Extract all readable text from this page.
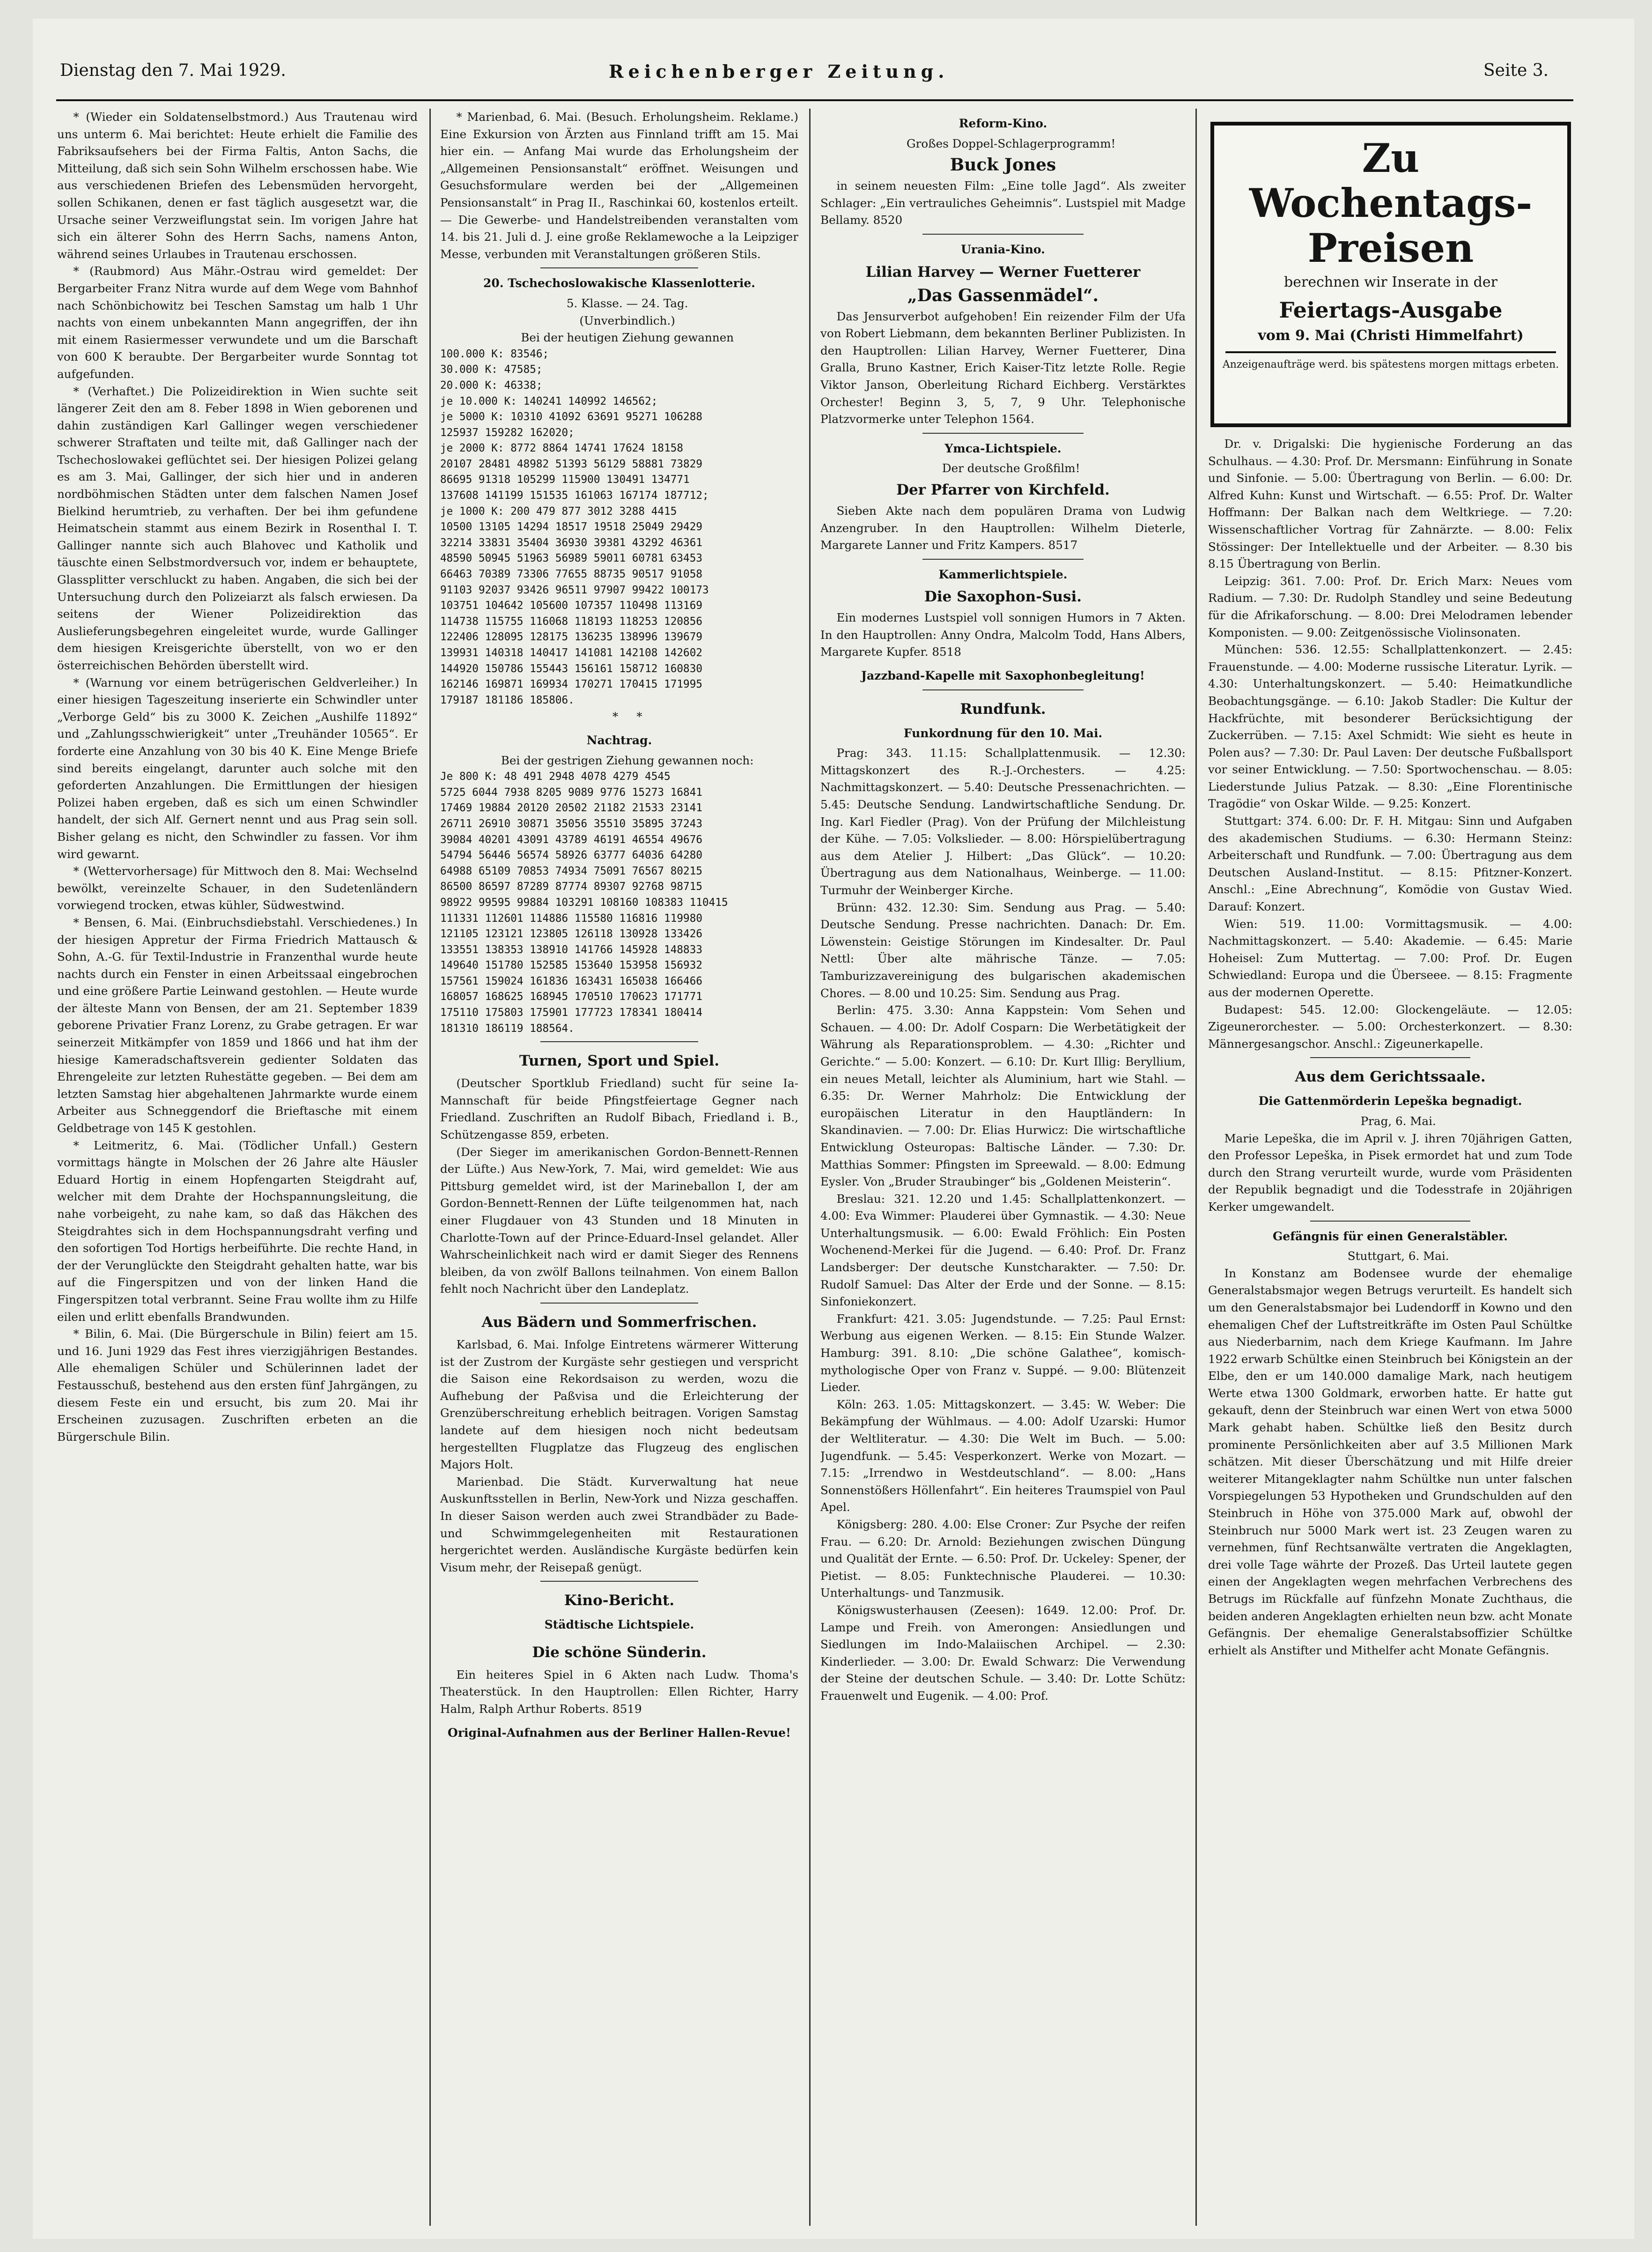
Dienstag den 7. Mai 1929.	Reichenberger Zeitung.	Seite 3.

* (Wieder ein Soldatenselbstmord.) Aus Trautenau wird uns unterm 6. Mai berichtet: Heute erhielt die Familie des Fabriksaufsehers bei der Firma Faltis, Anton Sachs, die Mitteilung, daß sich sein Sohn Wilhelm erschossen habe. Wie aus verschiedenen Briefen des Lebensmüden hervorgeht, sollen Schikanen, denen er fast täglich ausgesetzt war, die Ursache seiner Verzweiflungstat sein. Im vorigen Jahre hat sich ein älterer Sohn des Herrn Sachs, namens Anton, während seines Urlaubes in Trautenau erschossen.

* (Raubmord) Aus Mähr.-Ostrau wird gemeldet: Der Bergarbeiter Franz Nitra wurde auf dem Wege vom Bahnhof nach Schönbichowitz bei Teschen Samstag um halb 1 Uhr nachts von einem unbekannten Mann angegriffen, der ihn mit einem Rasiermesser verwundete und um die Barschaft von 600 K beraubte. Der Bergarbeiter wurde Sonntag tot aufgefunden.

* (Verhaftet.) Die Polizeidirektion in Wien suchte seit längerer Zeit den am 8. Feber 1898 in Wien geborenen und dahin zuständigen Karl Gallinger wegen verschiedener schwerer Straftaten und teilte mit, daß Gallinger nach der Tschechoslowakei geflüchtet sei. Der hiesigen Polizei gelang es am 3. Mai, Gallinger, der sich hier und in anderen nordböhmischen Städten unter dem falschen Namen Josef Bielkind herumtrieb, zu verhaften. Der bei ihm gefundene Heimatschein stammt aus einem Bezirk in Rosenthal I. T. Gallinger nannte sich auch Blahovec und Katholik und täuschte einen Selbstmordversuch vor, indem er behauptete, Glassplitter verschluckt zu haben. Angaben, die sich bei der Untersuchung durch den Polizeiarzt als falsch erwiesen. Da seitens der Wiener Polizeidirektion das Auslieferungsbegehren eingeleitet wurde, wurde Gallinger dem hiesigen Kreisgerichte überstellt, von wo er den österreichischen Behörden überstellt wird.

* (Warnung vor einem betrügerischen Geldverleiher.) In einer hiesigen Tageszeitung inserierte ein Schwindler unter „Verborge Geld“ bis zu 3000 K. Zeichen „Aushilfe 11892“ und „Zahlungsschwierigkeit“ unter „Treuhänder 10565“. Er forderte eine Anzahlung von 30 bis 40 K. Eine Menge Briefe sind bereits eingelangt, darunter auch solche mit den geforderten Anzahlungen. Die Ermittlungen der hiesigen Polizei haben ergeben, daß es sich um einen Schwindler handelt, der sich Alf. Gernert nennt und aus Prag sein soll. Bisher gelang es nicht, den Schwindler zu fassen. Vor ihm wird gewarnt.

* (Wettervorhersage) für Mittwoch den 8. Mai: Wechselnd bewölkt, vereinzelte Schauer, in den Sudetenländern vorwiegend trocken, etwas kühler, Südwestwind.

* Bensen, 6. Mai. (Einbruchsdiebstahl. Verschiedenes.) In der hiesigen Appretur der Firma Friedrich Mattausch & Sohn, A.-G. für Textil-Industrie in Franzenthal wurde heute nachts durch ein Fenster in einen Arbeitssaal eingebrochen und eine größere Partie Leinwand gestohlen. — Heute wurde der älteste Mann von Bensen, der am 21. September 1839 geborene Privatier Franz Lorenz, zu Grabe getragen. Er war seinerzeit Mitkämpfer von 1859 und 1866 und hat ihm der hiesige Kameradschaftsverein gedienter Soldaten das Ehrengeleite zur letzten Ruhestätte gegeben. — Bei dem am letzten Samstag hier abgehaltenen Jahrmarkte wurde einem Arbeiter aus Schneggendorf die Brieftasche mit einem Geldbetrage von 145 K gestohlen.

* Leitmeritz, 6. Mai. (Tödlicher Unfall.) Gestern vormittags hängte in Molschen der 26 Jahre alte Häusler Eduard Hortig in einem Hopfengarten Steigdraht auf, welcher mit dem Drahte der Hochspannungsleitung, die nahe vorbeigeht, zu nahe kam, so daß das Häkchen des Steigdrahtes sich in dem Hochspannungsdraht verfing und den sofortigen Tod Hortigs herbeiführte. Die rechte Hand, in der der Verunglückte den Steigdraht gehalten hatte, war bis auf die Fingerspitzen und von der linken Hand die Fingerspitzen total verbrannt. Seine Frau wollte ihm zu Hilfe eilen und erlitt ebenfalls Brandwunden.

* Bilin, 6. Mai. (Die Bürgerschule in Bilin) feiert am 15. und 16. Juni 1929 das Fest ihres vierzigjährigen Bestandes. Alle ehemaligen Schüler und Schülerinnen ladet der Festausschuß, bestehend aus den ersten fünf Jahrgängen, zu diesem Feste ein und ersucht, bis zum 20. Mai ihr Erscheinen zuzusagen. Zuschriften erbeten an die Bürgerschule Bilin.

* Marienbad, 6. Mai. (Besuch. Erholungsheim. Reklame.) Eine Exkursion von Ärzten aus Finnland trifft am 15. Mai hier ein. — Anfang Mai wurde das Erholungsheim der „Allgemeinen Pensionsanstalt“ eröffnet. Weisungen und Gesuchsformulare werden bei der „Allgemeinen Pensionsanstalt“ in Prag II., Raschinkai 60, kostenlos erteilt. — Die Gewerbe- und Handelstreibenden veranstalten vom 14. bis 21. Juli d. J. eine große Reklamewoche a la Leipziger Messe, verbunden mit Veranstaltungen größeren Stils.

20. Tschechoslowakische Klassenlotterie.

5. Klasse. — 24. Tag.

(Unverbindlich.)

Bei der heutigen Ziehung gewannen

100.000 K: 83546;
30.000 K: 47585;
20.000 K: 46338;
je 10.000 K: 140241 140992 146562;
je 5000 K: 10310 41092 63691 95271 106288
125937 159282 162020;
je 2000 K: 8772 8864 14741 17624 18158
20107 28481 48982 51393 56129 58881 73829
86695 91318 105299 115900 130491 134771
137608 141199 151535 161063 167174 187712;
je 1000 K: 200 479 877 3012 3288 4415
10500 13105 14294 18517 19518 25049 29429
32214 33831 35404 36930 39381 43292 46361
48590 50945 51963 56989 59011 60781 63453
66463 70389 73306 77655 88735 90517 91058
91103 92037 93426 96511 97907 99422 100173
103751 104642 105600 107357 110498 113169
114738 115755 116068 118193 118253 120856
122406 128095 128175 136235 138996 139679
139931 140318 140417 141081 142108 142602
144920 150786 155443 156161 158712 160830
162146 169871 169934 170271 170415 171995
179187 181186 185806.

*     *

Nachtrag.

Bei der gestrigen Ziehung gewannen noch:

Je 800 K: 48 491 2948 4078 4279 4545
5725 6044 7938 8205 9089 9776 15273 16841
17469 19884 20120 20502 21182 21533 23141
26711 26910 30871 35056 35510 35895 37243
39084 40201 43091 43789 46191 46554 49676
54794 56446 56574 58926 63777 64036 64280
64988 65109 70853 74934 75091 76567 80215
86500 86597 87289 87774 89307 92768 98715
98922 99595 99884 103291 108160 108383 110415
111331 112601 114886 115580 116816 119980
121105 123121 123805 126118 130928 133426
133551 138353 138910 141766 145928 148833
149640 151780 152585 153640 153958 156932
157561 159024 161836 163431 165038 166466
168057 168625 168945 170510 170623 171771
175110 175803 175901 177723 178341 180414
181310 186119 188564.
Turnen, Sport und Spiel.

(Deutscher Sportklub Friedland) sucht für seine Ia-Mannschaft für beide Pfingstfeiertage Gegner nach Friedland. Zuschriften an Rudolf Bibach, Friedland i. B., Schützengasse 859, erbeten.

(Der Sieger im amerikanischen Gordon-Bennett-Rennen der Lüfte.) Aus New-York, 7. Mai, wird gemeldet: Wie aus Pittsburg gemeldet wird, ist der Marineballon I, der am Gordon-Bennett-Rennen der Lüfte teilgenommen hat, nach einer Flugdauer von 43 Stunden und 18 Minuten in Charlotte-Town auf der Prince-Eduard-Insel gelandet. Aller Wahrscheinlichkeit nach wird er damit Sieger des Rennens bleiben, da von zwölf Ballons teilnahmen. Von einem Ballon fehlt noch Nachricht über den Landeplatz.

Aus Bädern und Sommerfrischen.

Karlsbad, 6. Mai. Infolge Eintretens wärmerer Witterung ist der Zustrom der Kurgäste sehr gestiegen und verspricht die Saison eine Rekordsaison zu werden, wozu die Aufhebung der Paßvisa und die Erleichterung der Grenzüberschreitung erheblich beitragen. Vorigen Samstag landete auf dem hiesigen noch nicht bedeutsam hergestellten Flugplatze das Flugzeug des englischen Majors Holt.

Marienbad. Die Städt. Kurverwaltung hat neue Auskunftsstellen in Berlin, New-York und Nizza geschaffen. In dieser Saison werden auch zwei Strandbäder zu Bade- und Schwimmgelegenheiten mit Restaurationen hergerichtet werden. Ausländische Kurgäste bedürfen kein Visum mehr, der Reisepaß genügt.

Kino-Bericht.
Städtische Lichtspiele.
Die schöne Sünderin.

Ein heiteres Spiel in 6 Akten nach Ludw. Thoma's Theaterstück. In den Hauptrollen: Ellen Richter, Harry Halm, Ralph Arthur Roberts. 8519

Original-Aufnahmen aus der Berliner Hallen-Revue!
Reform-Kino.

Großes Doppel-Schlagerprogramm!

Buck Jones

in seinem neuesten Film: „Eine tolle Jagd“. Als zweiter Schlager: „Ein vertrauliches Geheimnis“. Lustspiel mit Madge Bellamy. 8520

Urania-Kino.
Lilian Harvey — Werner Fuetterer
„Das Gassenmädel“.

Das Jensurverbot aufgehoben! Ein reizender Film der Ufa von Robert Liebmann, dem bekannten Berliner Publizisten. In den Hauptrollen: Lilian Harvey, Werner Fuetterer, Dina Gralla, Bruno Kastner, Erich Kaiser-Titz letzte Rolle. Regie Viktor Janson, Oberleitung Richard Eichberg. Verstärktes Orchester! Beginn 3, 5, 7, 9 Uhr. Telephonische Platzvormerke unter Telephon 1564.

Ymca-Lichtspiele.

Der deutsche Großfilm!

Der Pfarrer von Kirchfeld.

Sieben Akte nach dem populären Drama von Ludwig Anzengruber. In den Hauptrollen: Wilhelm Dieterle, Margarete Lanner und Fritz Kampers. 8517

Kammerlichtspiele.
Die Saxophon-Susi.

Ein modernes Lustspiel voll sonnigen Humors in 7 Akten. In den Hauptrollen: Anny Ondra, Malcolm Todd, Hans Albers, Margarete Kupfer. 8518

Jazzband-Kapelle mit Saxophonbegleitung!
Rundfunk.
Funkordnung für den 10. Mai.

Prag: 343. 11.15: Schallplattenmusik. — 12.30: Mittagskonzert des R.-J.-Orchesters. — 4.25: Nachmittagskonzert. — 5.40: Deutsche Pressenachrichten. — 5.45: Deutsche Sendung. Landwirtschaftliche Sendung. Dr. Ing. Karl Fiedler (Prag). Von der Prüfung der Milchleistung der Kühe. — 7.05: Volkslieder. — 8.00: Hörspielübertragung aus dem Atelier J. Hilbert: „Das Glück“. — 10.20: Übertragung aus dem Nationalhaus, Weinberge. — 11.00: Turmuhr der Weinberger Kirche.

Brünn: 432. 12.30: Sim. Sendung aus Prag. — 5.40: Deutsche Sendung. Presse nachrichten. Danach: Dr. Em. Löwenstein: Geistige Störungen im Kindesalter. Dr. Paul Nettl: Über alte mährische Tänze. — 7.05: Tamburizzavereinigung des bulgarischen akademischen Chores. — 8.00 und 10.25: Sim. Sendung aus Prag.

Berlin: 475. 3.30: Anna Kappstein: Vom Sehen und Schauen. — 4.00: Dr. Adolf Cosparn: Die Werbetätigkeit der Währung als Reparationsproblem. — 4.30: „Richter und Gerichte.“ — 5.00: Konzert. — 6.10: Dr. Kurt Illig: Beryllium, ein neues Metall, leichter als Aluminium, hart wie Stahl. — 6.35: Dr. Werner Mahrholz: Die Entwicklung der europäischen Literatur in den Hauptländern: In Skandinavien. — 7.00: Dr. Elias Hurwicz: Die wirtschaftliche Entwicklung Osteuropas: Baltische Länder. — 7.30: Dr. Matthias Sommer: Pfingsten im Spreewald. — 8.00: Edmung Eysler. Von „Bruder Straubinger“ bis „Goldenen Meisterin“.

Breslau: 321. 12.20 und 1.45: Schallplattenkonzert. — 4.00: Eva Wimmer: Plauderei über Gymnastik. — 4.30: Neue Unterhaltungsmusik. — 6.00: Ewald Fröhlich: Ein Posten Wochenend-Merkei für die Jugend. — 6.40: Prof. Dr. Franz Landsberger: Der deutsche Kunstcharakter. — 7.50: Dr. Rudolf Samuel: Das Alter der Erde und der Sonne. — 8.15: Sinfoniekonzert.

Frankfurt: 421. 3.05: Jugendstunde. — 7.25: Paul Ernst: Werbung aus eigenen Werken. — 8.15: Ein Stunde Walzer. Hamburg: 391. 8.10: „Die schöne Galathee“, komisch-mythologische Oper von Franz v. Suppé. — 9.00: Blütenzeit Lieder.

Köln: 263. 1.05: Mittagskonzert. — 3.45: W. Weber: Die Bekämpfung der Wühlmaus. — 4.00: Adolf Uzarski: Humor der Weltliteratur. — 4.30: Die Welt im Buch. — 5.00: Jugendfunk. — 5.45: Vesperkonzert. Werke von Mozart. — 7.15: „Irrendwo in Westdeutschland“. — 8.00: „Hans Sonnenstößers Höllenfahrt“. Ein heiteres Traumspiel von Paul Apel.

Königsberg: 280. 4.00: Else Croner: Zur Psyche der reifen Frau. — 6.20: Dr. Arnold: Beziehungen zwischen Düngung und Qualität der Ernte. — 6.50: Prof. Dr. Uckeley: Spener, der Pietist. — 8.05: Funktechnische Plauderei. — 10.30: Unterhaltungs- und Tanzmusik.

Königswusterhausen (Zeesen): 1649. 12.00: Prof. Dr. Lampe und Freih. von Amerongen: Ansiedlungen und Siedlungen im Indo-Malaiischen Archipel. — 2.30: Kinderlieder. — 3.00: Dr. Ewald Schwarz: Die Verwendung der Steine der deutschen Schule. — 3.40: Dr. Lotte Schütz: Frauenwelt und Eugenik. — 4.00: Prof.

Zu Wochentags-Preisen
berechnen wir Inserate in der
Feiertags-Ausgabe
vom 9. Mai (Christi Himmelfahrt)
Anzeigenaufträge werd. bis spätestens morgen mittags erbeten.

Dr. v. Drigalski: Die hygienische Forderung an das Schulhaus. — 4.30: Prof. Dr. Mersmann: Einführung in Sonate und Sinfonie. — 5.00: Übertragung von Berlin. — 6.00: Dr. Alfred Kuhn: Kunst und Wirtschaft. — 6.55: Prof. Dr. Walter Hoffmann: Der Balkan nach dem Weltkriege. — 7.20: Wissenschaftlicher Vortrag für Zahnärzte. — 8.00: Felix Stössinger: Der Intellektuelle und der Arbeiter. — 8.30 bis 8.15 Übertragung von Berlin.

Leipzig: 361. 7.00: Prof. Dr. Erich Marx: Neues vom Radium. — 7.30: Dr. Rudolph Standley und seine Bedeutung für die Afrikaforschung. — 8.00: Drei Melodramen lebender Komponisten. — 9.00: Zeitgenössische Violinsonaten.

München: 536. 12.55: Schallplattenkonzert. — 2.45: Frauenstunde. — 4.00: Moderne russische Literatur. Lyrik. — 4.30: Unterhaltungskonzert. — 5.40: Heimatkundliche Beobachtungsgänge. — 6.10: Jakob Stadler: Die Kultur der Hackfrüchte, mit besonderer Berücksichtigung der Zuckerrüben. — 7.15: Axel Schmidt: Wie sieht es heute in Polen aus? — 7.30: Dr. Paul Laven: Der deutsche Fußballsport vor seiner Entwicklung. — 7.50: Sportwochenschau. — 8.05: Liederstunde Julius Patzak. — 8.30: „Eine Florentinische Tragödie“ von Oskar Wilde. — 9.25: Konzert.

Stuttgart: 374. 6.00: Dr. F. H. Mitgau: Sinn und Aufgaben des akademischen Studiums. — 6.30: Hermann Steinz: Arbeiterschaft und Rundfunk. — 7.00: Übertragung aus dem Deutschen Ausland-Institut. — 8.15: Pfitzner-Konzert. Anschl.: „Eine Abrechnung“, Komödie von Gustav Wied. Darauf: Konzert.

Wien: 519. 11.00: Vormittagsmusik. — 4.00: Nachmittagskonzert. — 5.40: Akademie. — 6.45: Marie Hoheisel: Zum Muttertag. — 7.00: Prof. Dr. Eugen Schwiedland: Europa und die Überseee. — 8.15: Fragmente aus der modernen Operette.

Budapest: 545. 12.00: Glockengeläute. — 12.05: Zigeunerorchester. — 5.00: Orchesterkonzert. — 8.30: Männergesangschor. Anschl.: Zigeunerkapelle.

Aus dem Gerichtssaale.
Die Gattenmörderin Lepeška begnadigt.

Prag, 6. Mai.

Marie Lepeška, die im April v. J. ihren 70jährigen Gatten, den Professor Lepeška, in Pisek ermordet hat und zum Tode durch den Strang verurteilt wurde, wurde vom Präsidenten der Republik begnadigt und die Todesstrafe in 20jährigen Kerker umgewandelt.

Gefängnis für einen Generalstäbler.

Stuttgart, 6. Mai.

In Konstanz am Bodensee wurde der ehemalige Generalstabsmajor wegen Betrugs verurteilt. Es handelt sich um den Generalstabsmajor bei Ludendorff in Kowno und den ehemaligen Chef der Luftstreitkräfte im Osten Paul Schültke aus Niederbarnim, nach dem Kriege Kaufmann. Im Jahre 1922 erwarb Schültke einen Steinbruch bei Königstein an der Elbe, den er um 140.000 damalige Mark, nach heutigem Werte etwa 1300 Goldmark, erworben hatte. Er hatte gut gekauft, denn der Steinbruch war einen Wert von etwa 5000 Mark gehabt haben. Schültke ließ den Besitz durch prominente Persönlichkeiten aber auf 3.5 Millionen Mark schätzen. Mit dieser Überschätzung und mit Hilfe dreier weiterer Mitangeklagter nahm Schültke nun unter falschen Vorspiegelungen 53 Hypotheken und Grundschulden auf den Steinbruch in Höhe von 375.000 Mark auf, obwohl der Steinbruch nur 5000 Mark wert ist. 23 Zeugen waren zu vernehmen, fünf Rechtsanwälte vertraten die Angeklagten, drei volle Tage währte der Prozeß. Das Urteil lautete gegen einen der Angeklagten wegen mehrfachen Verbrechens des Betrugs im Rückfalle auf fünfzehn Monate Zuchthaus, die beiden anderen Angeklagten erhielten neun bzw. acht Monate Gefängnis. Der ehemalige Generalstabsoffizier Schültke erhielt als Anstifter und Mithelfer acht Monate Gefängnis.
